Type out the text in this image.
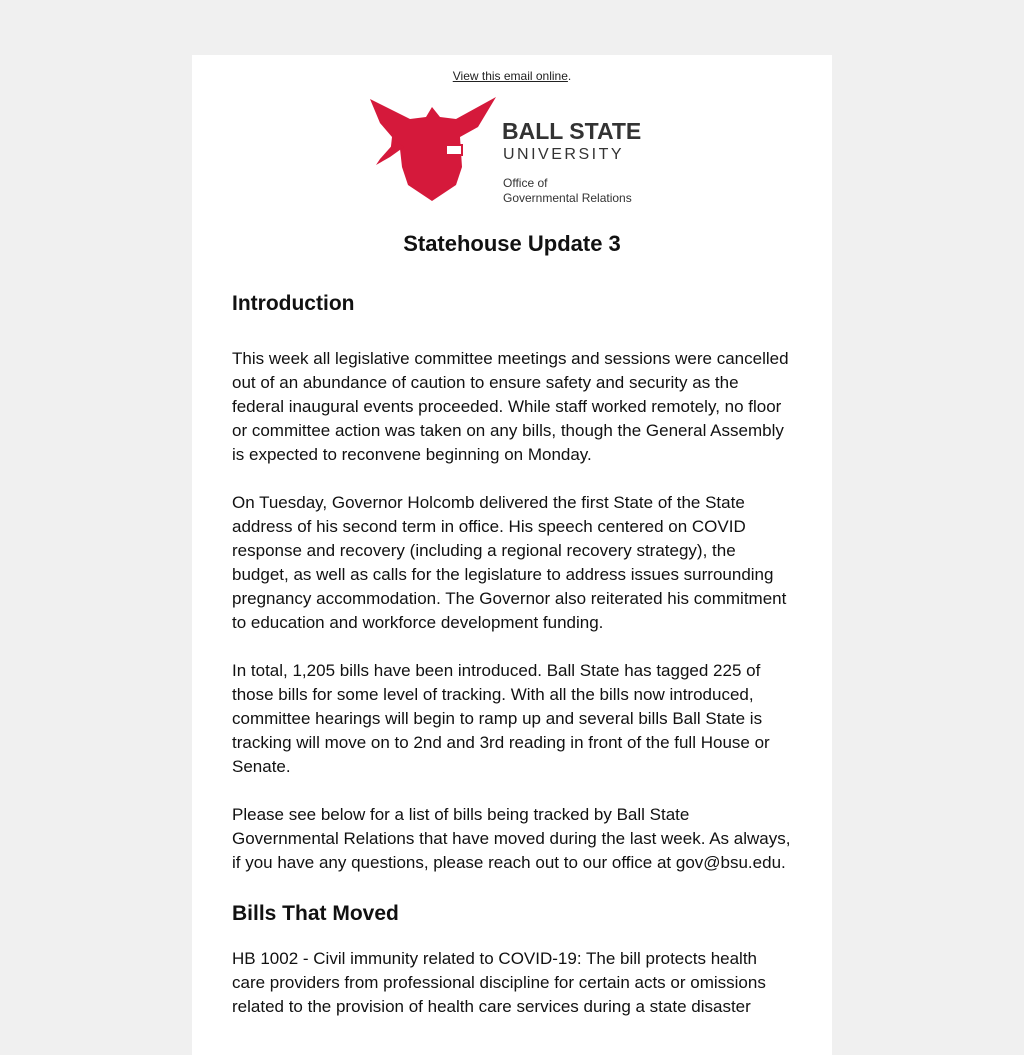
View this email online.
BALL STATE
UNIVERSITY
Office of
Governmental Relations
Statehouse Update 3
Introduction

This week all legislative committee meetings and sessions were cancelled out of an abundance of caution to ensure safety and security as the federal inaugural events proceeded. While staff worked remotely, no floor or committee action was taken on any bills, though the General Assembly is expected to reconvene beginning on Monday.

On Tuesday, Governor Holcomb delivered the first State of the State address of his second term in office. His speech centered on COVID response and recovery (including a regional recovery strategy), the budget, as well as calls for the legislature to address issues surrounding pregnancy accommodation. The Governor also reiterated his commitment to education and workforce development funding.

In total, 1,205 bills have been introduced. Ball State has tagged 225 of those bills for some level of tracking. With all the bills now introduced, committee hearings will begin to ramp up and several bills Ball State is tracking will move on to 2nd and 3rd reading in front of the full House or Senate.

Please see below for a list of bills being tracked by Ball State Governmental Relations that have moved during the last week. As always, if you have any questions, please reach out to our office at gov@bsu.edu.

Bills That Moved

HB 1002 - Civil immunity related to COVID-19: The bill protects health care providers from professional discipline for certain acts or omissions related to the provision of health care services during a state disaster
